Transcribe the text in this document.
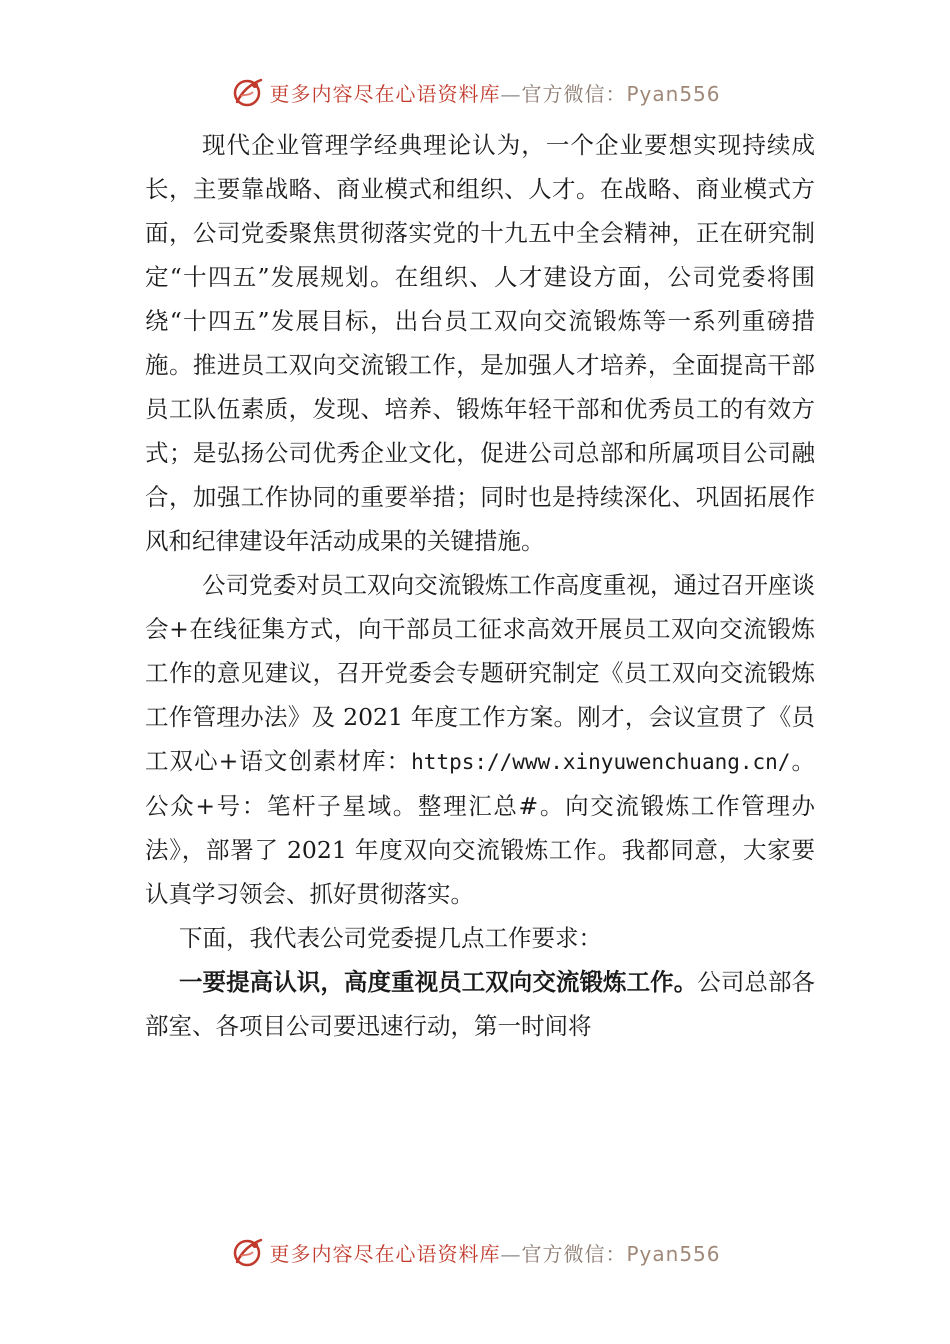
更多内容尽在心语资料库—官方微信：Pyan556

现代企业管理学经典理论认为，一个企业要想实现持续成长，主要靠战略、商业模式和组织、人才。在战略、商业模式方面，公司党委聚焦贯彻落实党的十九五中全会精神，正在研究制定“十四五”发展规划。在组织、人才建设方面，公司党委将围绕“十四五”发展目标，出台员工双向交流锻炼等一系列重磅措施。推进员工双向交流锻工作，是加强人才培养，全面提高干部员工队伍素质，发现、培养、锻炼年轻干部和优秀员工的有效方式；是弘扬公司优秀企业文化，促进公司总部和所属项目公司融合，加强工作协同的重要举措；同时也是持续深化、巩固拓展作风和纪律建设年活动成果的关键措施。

公司党委对员工双向交流锻炼工作高度重视，通过召开座谈会+在线征集方式，向干部员工征求高效开展员工双向交流锻炼工作的意见建议，召开党委会专题研究制定《员工双向交流锻炼工作管理办法》及 2021 年度工作方案。刚才，会议宣贯了《员工双心+语文创素材库：https://www.xinyuwenchuang.cn/。公众+号：笔杆子星域。整理汇总#。向交流锻炼工作管理办法》，部署了 2021 年度双向交流锻炼工作。我都同意，大家要认真学习领会、抓好贯彻落实。

下面，我代表公司党委提几点工作要求：

一要提高认识，高度重视员工双向交流锻炼工作。公司总部各部室、各项目公司要迅速行动，第一时间将

更多内容尽在心语资料库—官方微信：Pyan556
